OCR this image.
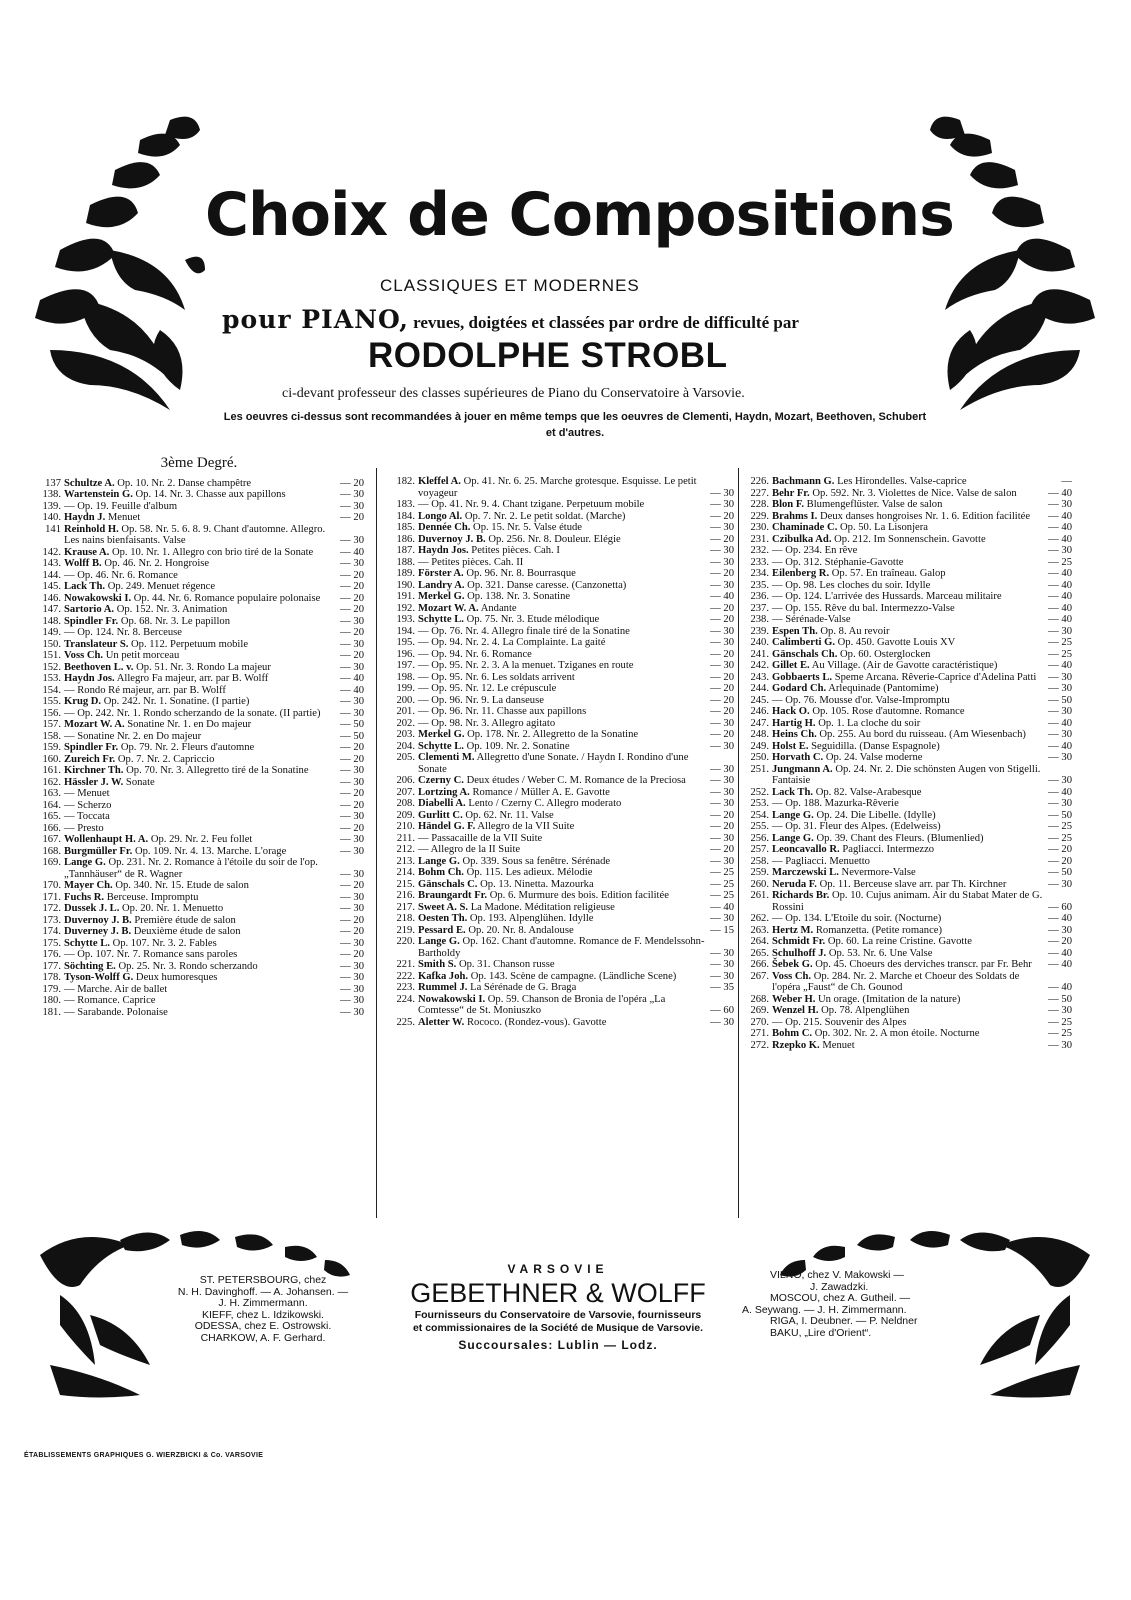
Choix de Compositions
CLASSIQUES ET MODERNES
pour PIANO, revues, doigtées et classées par ordre de difficulté par
RODOLPHE STROBL
ci-devant professeur des classes supérieures de Piano du Conservatoire à Varsovie.
Les oeuvres ci-dessus sont recommandées à jouer en même temps que les oeuvres de Clementi, Haydn, Mozart, Beethoven, Schubert et d'autres.
3ème Degré.
137 Schultze A. Op. 10. Nr. 2. Danse champêtre	— 20
138. Wartenstein G. Op. 14. Nr. 3. Chasse aux papillons	— 30
139. — Op. 19. Feuille d'album	— 30
140. Haydn J. Menuet	— 20
141 Reinhold H. Op. 58. Nr. 5. 6. 8. 9. Chant d'automne. Allegro. Les nains bienfaisants. Valse	— 30
142. Krause A. Op. 10. Nr. 1. Allegro con brio tiré de la Sonate	— 40
143. Wolff B. Op. 46. Nr. 2. Hongroise	— 30
144. — Op. 46. Nr. 6. Romance	— 20
145. Lack Th. Op. 249. Menuet régence	— 20
146. Nowakowski I. Op. 44. Nr. 6. Romance populaire polonaise — 20
147. Sartorio A. Op. 152. Nr. 3. Animation	— 20
148. Spindler Fr. Op. 68. Nr. 3. Le papillon	— 30
149. — Op. 124. Nr. 8. Berceuse	— 20
150. Translateur S. Op. 112. Perpetuum mobile	— 30
151. Voss Ch. Un petit morceau	— 20
152. Beethoven L. v. Op. 51. Nr. 3. Rondo La majeur	— 30
153. Haydn Jos. Allegro Fa majeur, arr. par B. Wolff	— 40
154. — Rondo Ré majeur, arr. par B. Wolff	— 40
155. Krug D. Op. 242. Nr. 1. Sonatine. (I partie)	— 30
156. — Op. 242. Nr. 1. Rondo scherzando de la sonate. (II partie) — 30
157. Mozart W. A. Sonatine Nr. 1. en Do majeur	— 50
158. — Sonatine Nr. 2. en Do majeur	— 50
159. Spindler Fr. Op. 79. Nr. 2. Fleurs d'automne	— 20
160. Zureich Fr. Op. 7. Nr. 2. Capriccio	— 20
161. Kirchner Th. Op. 70. Nr. 3. Allegretto tiré de la Sonatine	— 30
162. Hässler J. W. Sonate	— 30
163. — Menuet	— 20
164. — Scherzo	— 20
165. — Toccata	— 30
166. — Presto	— 20
167. Wollenhaupt H. A. Op. 29. Nr. 2. Feu follet	— 30
168. Burgmüller Fr. Op. 109. Nr. 4. 13. Marche. L'orage	— 30
169. Lange G. Op. 231. Nr. 2. Romance à l'étoile du soir de l'op. „Tannhäuser“ de R. Wagner	— 30
170. Mayer Ch. Op. 340. Nr. 15. Etude de salon	— 20
171. Fuchs R. Berceuse. Impromptu	— 30
172. Dussek J. L. Op. 20. Nr. 1. Menuetto	— 30
173. Duvernoy J. B. Première étude de salon	— 20
174. Duverney J. B. Deuxième étude de salon	— 20
175. Schytte L. Op. 107. Nr. 3. 2. Fables	— 30
176. — Op. 107. Nr. 7. Romance sans paroles	— 20
177. Söchting E. Op. 25. Nr. 3. Rondo scherzando	— 30
178. Tyson-Wolff G. Deux humoresques	— 30
179. — Marche. Air de ballet	— 30
180. — Romance. Caprice	— 30
181. — Sarabande. Polonaise	— 30
182. Kleffel A. Op. 41. Nr. 6. 25. Marche grotesque. Esquisse. Le petit voyageur	— 30
183. — Op. 41. Nr. 9. 4. Chant tzigane. Perpetuum mobile	— 30
184. Longo Al. Op. 7. Nr. 2. Le petit soldat. (Marche)	— 20
185. Dennée Ch. Op. 15. Nr. 5. Valse étude	— 30
186. Duvernoy J. B. Op. 256. Nr. 8. Douleur. Elégie	— 20
187. Haydn Jos. Petites pièces. Cah. I	— 30
188. — Petites pièces. Cah. II	— 30
189. Förster A. Op. 96. Nr. 8. Bourrasque	— 20
190. Landry A. Op. 321. Danse caresse. (Canzonetta)	— 30
191. Merkel G. Op. 138. Nr. 3. Sonatine	— 40
192. Mozart W. A. Andante	— 20
193. Schytte L. Op. 75. Nr. 3. Etude mélodique	— 20
194. — Op. 76. Nr. 4. Allegro finale tiré de la Sonatine	— 30
195. — Op. 94. Nr. 2. 4. La Complainte. La gaité	— 30
196. — Op. 94. Nr. 6. Romance	— 20
197. — Op. 95. Nr. 2. 3. A la menuet. Tziganes en route	— 30
198. — Op. 95. Nr. 6. Les soldats arrivent	— 20
199. — Op. 95. Nr. 12. Le crépuscule	— 20
200. — Op. 96. Nr. 9. La danseuse	— 20
201. — Op. 96. Nr. 11. Chasse aux papillons	— 20
202. — Op. 98. Nr. 3. Allegro agitato	— 30
203. Merkel G. Op. 178. Nr. 2. Allegretto de la Sonatine	— 20
204. Schytte L. Op. 109. Nr. 2. Sonatine	— 30
205. Clementi M. Allegretto d'une Sonate. / Haydn I. Rondino d'une Sonate	— 30
206. Czerny C. Deux études / Weber C. M. Romance de la Preciosa — 30
207. Lortzing A. Romance / Müller A. E. Gavotte	— 30
208. Diabelli A. Lento / Czerny C. Allegro moderato	— 30
209. Gurlitt C. Op. 62. Nr. 11. Valse	— 20
210. Händel G. F. Allegro de la VII Suite	— 20
211. — Passacaille de la VII Suite	— 30
212. — Allegro de la II Suite	— 20
213. Lange G. Op. 339. Sous sa fenêtre. Sérénade	— 30
214. Bohm Ch. Op. 115. Les adieux. Mélodie	— 25
215. Gänschals C. Op. 13. Ninetta. Mazourka	— 25
216. Braungardt Fr. Op. 6. Murmure des bois. Edition facilitée	— 25
217. Sweet A. S. La Madone. Méditation religieuse	— 40
218. Oesten Th. Op. 193. Alpenglühen. Idylle	— 30
219. Pessard E. Op. 20. Nr. 8. Andalouse	— 15
220. Lange G. Op. 162. Chant d'automne. Romance de F. Mendelssohn-Bartholdy	— 30
221. Smith S. Op. 31. Chanson russe	— 30
222. Kafka Joh. Op. 143. Scène de campagne. (Ländliche Scene)	— 30
223. Rummel J. La Sérénade de G. Braga	— 35
224. Nowakowski I. Op. 59. Chanson de Bronia de l'opéra „La Comtesse“ de St. Moniuszko	— 60
225. Aletter W. Rococo. (Rondez-vous). Gavotte	— 30
226. Bachmann G. Les Hirondelles. Valse-caprice	—
227. Behr Fr. Op. 592. Nr. 3. Violettes de Nice. Valse de salon	— 40
228. Blon F. Blumengeflüster. Valse de salon	— 30
229. Brahms I. Deux danses hongroises Nr. 1. 6. Edition facilitée — 40
230. Chaminade C. Op. 50. La Lisonjera	— 40
231. Czibulka Ad. Op. 212. Im Sonnenschein. Gavotte	— 40
232. — Op. 234. En rêve	— 30
233. — Op. 312. Stéphanie-Gavotte	— 25
234. Eilenberg R. Op. 57. En traîneau. Galop	— 40
235. — Op. 98. Les cloches du soir. Idylle	— 40
236. — Op. 124. L'arrivée des Hussards. Marceau militaire	— 40
237. — Op. 155. Rêve du bal. Intermezzo-Valse	— 40
238. — Sérénade-Valse	— 40
239. Espen Th. Op. 8. Au revoir	— 30
240. Calimberti G. Op. 450. Gavotte Louis XV	— 25
241. Gänschals Ch. Op. 60. Osterglocken	— 25
242. Gillet E. Au Village. (Air de Gavotte caractéristique)	— 40
243. Gobbaerts L. Speme Arcana. Rêverie-Caprice d'Adelina Patti — 30
244. Godard Ch. Arlequinade (Pantomime)	— 30
245. — Op. 76. Mousse d'or. Valse-Impromptu	— 50
246. Hack O. Op. 105. Rose d'automne. Romance	— 30
247. Hartig H. Op. 1. La cloche du soir	— 40
248. Heins Ch. Op. 255. Au bord du ruisseau. (Am Wiesenbach) — 30
249. Holst E. Seguidilla. (Danse Espagnole)	— 40
250. Horvath C. Op. 24. Valse moderne	— 30
251. Jungmann A. Op. 24. Nr. 2. Die schönsten Augen von Stigelli. Fantaisie	— 30
252. Lack Th. Op. 82. Valse-Arabesque	— 40
253. — Op. 188. Mazurka-Rêverie	— 30
254. Lange G. Op. 24. Die Libelle. (Idylle)	— 50
255. — Op. 31. Fleur des Alpes. (Edelweiss)	— 25
256. Lange G. Op. 39. Chant des Fleurs. (Blumenlied)	— 25
257. Leoncavallo R. Pagliacci. Intermezzo	— 20
258. — Pagliacci. Menuetto	— 20
259. Marczewski L. Nevermore-Valse	— 50
260. Neruda F. Op. 11. Berceuse slave arr. par Th. Kirchner	— 30
261. Richards Br. Op. 10. Cujus animam. Air du Stabat Mater de G. Rossini	— 60
262. — Op. 134. L'Etoile du soir. (Nocturne)	— 40
263. Hertz M. Romanzetta. (Petite romance)	— 30
264. Schmidt Fr. Op. 60. La reine Cristine. Gavotte	— 20
265. Schulhoff J. Op. 53. Nr. 6. Une Valse	— 40
266. Šebek G. Op. 45. Choeurs des derviches transcr. par Fr. Behr — 40
267. Voss Ch. Op. 284. Nr. 2. Marche et Choeur des Soldats de l'opéra „Faust“ de Ch. Gounod	— 40
268. Weber H. Un orage. (Imitation de la nature)	— 50
269. Wenzel H. Op. 78. Alpenglühen	— 30
270. — Op. 215. Souvenir des Alpes	— 25
271. Bohm C. Op. 302. Nr. 2. A mon étoile. Nocturne	— 25
272. Rzepko K. Menuet	— 30
ST. PETERSBOURG, chez
N. H. Davinghoff. — A. Johansen. —
J. H. Zimmermann.
KIEFF, chez L. Idzikowski.
ODESSA, chez E. Ostrowski.
CHARKOW, A. F. Gerhard.
VARSOVIE
GEBETHNER & WOLFF
Fournisseurs du Conservatoire de Varsovie, fournisseurs
et commissionaires de la Société de Musique de Varsovie.
Succoursales: Lublin — Lodz.
VILNO, chez V. Makowski —
J. Zawadzki.
MOSCOU, chez A. Gutheil. —
A. Seywang. — J. H. Zimmermann.
RIGA, I. Deubner. — P. Neldner
BAKU, „Lire d'Orient“.
ÉTABLISSEMENTS GRAPHIQUES G. WIERZBICKI & Co. VARSOVIE
